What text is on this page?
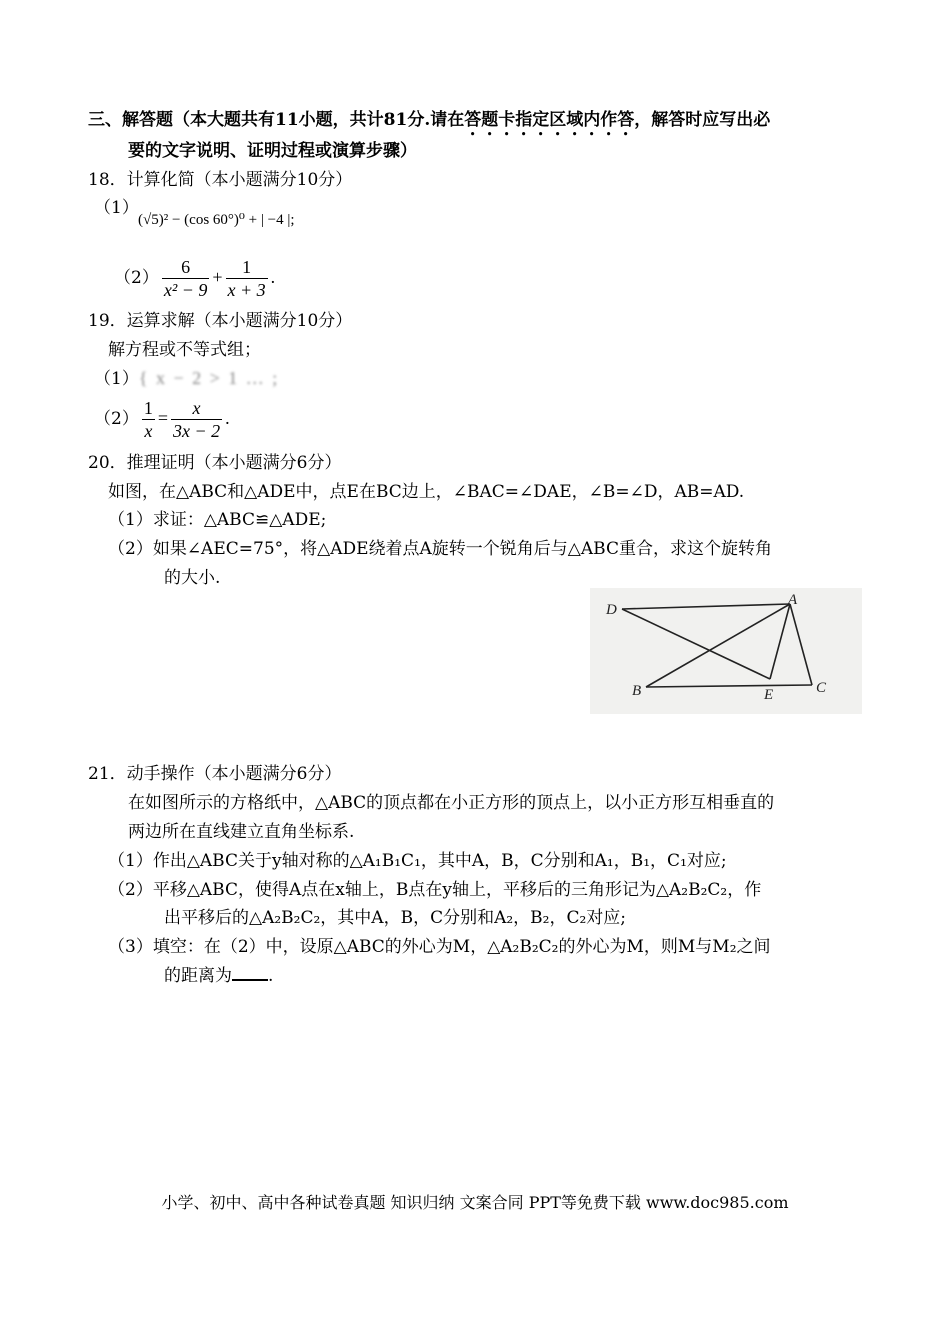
三、解答题（本大题共有11小题，共计81分.请在答题卡指定区域内作答，解答时应写出必
要的文字说明、证明过程或演算步骤）
18．计算化简（本小题满分10分）
（1）
(√5)² − (cos 60°)⁰ + | −4 |;
$(2) \frac{6}{\text{x² − 9}} + \frac{1}{x + 3}$ .
19．运算求解（本小题满分10分）
解方程或不等式组；
（1）{ x − 2 > 1 … ;
$(2) \frac{1}{x} = \frac{x}{3x - 2}$ .
20．推理证明（本小题满分6分）
如图，在△ABC和△ADE中，点E在BC边上，∠BAC=∠DAE，∠B=∠D，AB=AD.
（1）求证：△ABC≌△ADE;
（2）如果∠AEC=75°，将△ADE绕着点A旋转一个锐角后与△ABC重合，求这个旋转角
的大小.
D
A
B	E	C
21．动手操作（本小题满分6分）
在如图所示的方格纸中，△ABC的顶点都在小正方形的顶点上，以小正方形互相垂直的
两边所在直线建立直角坐标系.
（1）作出△ABC关于y轴对称的△A₁B₁C₁，其中A，B，C分别和A₁，B₁，C₁对应;
（2）平移△ABC，使得A点在x轴上，B点在y轴上，平移后的三角形记为△A₂B₂C₂，作
出平移后的△A₂B₂C₂，其中A，B，C分别和A₂，B₂，C₂对应;
（3）填空：在（2）中，设原△ABC的外心为M，△A₂B₂C₂的外心为M，则M与M₂之间
的距离为 .
小学、初中、高中各种试卷真题 知识归纳 文案合同 PPT等免费下载 www.doc985.com
